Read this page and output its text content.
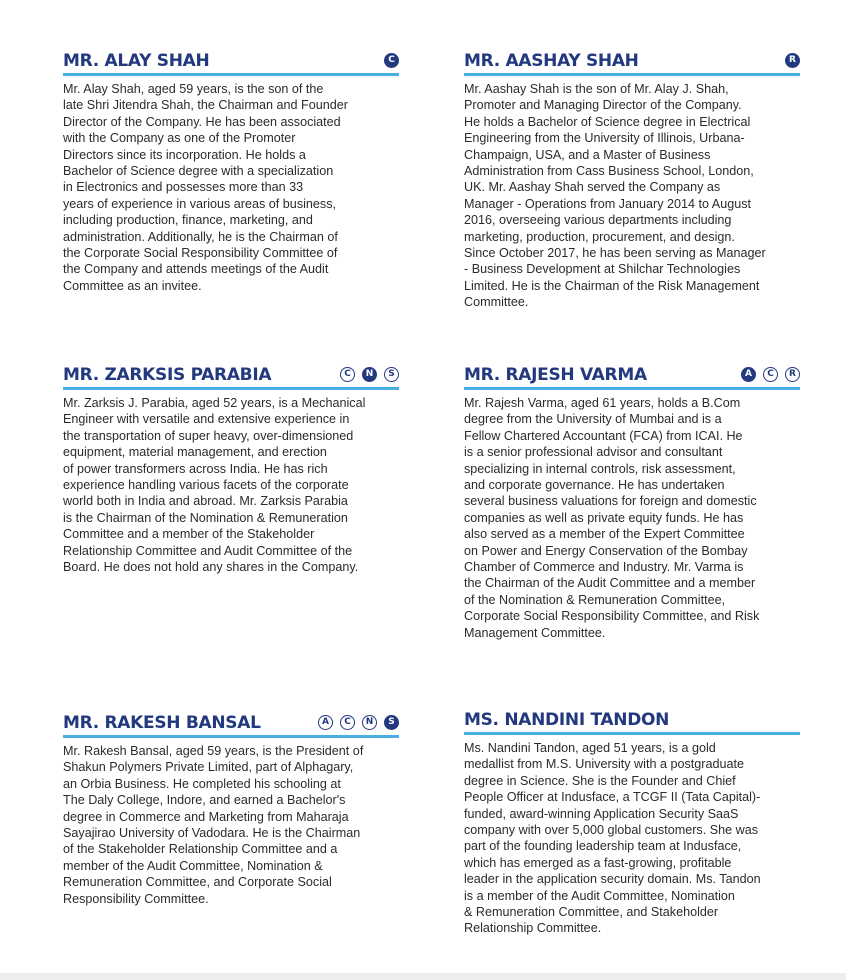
MR. ALAY SHAH	C

Mr. Alay Shah, aged 59 years, is the son of the
late Shri Jitendra Shah, the Chairman and Founder
Director of the Company. He has been associated
with the Company as one of the Promoter
Directors since its incorporation. He holds a
Bachelor of Science degree with a specialization
in Electronics and possesses more than 33
years of experience in various areas of business,
including production, finance, marketing, and
administration. Additionally, he is the Chairman of
the Corporate Social Responsibility Committee of
the Company and attends meetings of the Audit
Committee as an invitee.

MR. AASHAY SHAH	R

Mr. Aashay Shah is the son of Mr. Alay J. Shah,
Promoter and Managing Director of the Company.
He holds a Bachelor of Science degree in Electrical
Engineering from the University of Illinois, Urbana-
Champaign, USA, and a Master of Business
Administration from Cass Business School, London,
UK. Mr. Aashay Shah served the Company as
Manager - Operations from January 2014 to August
2016, overseeing various departments including
marketing, production, procurement, and design.
Since October 2017, he has been serving as Manager
- Business Development at Shilchar Technologies
Limited. He is the Chairman of the Risk Management
Committee.

MR. ZARKSIS PARABIA	C	N	S

Mr. Zarksis J. Parabia, aged 52 years, is a Mechanical
Engineer with versatile and extensive experience in
the transportation of super heavy, over-dimensioned
equipment, material management, and erection
of power transformers across India. He has rich
experience handling various facets of the corporate
world both in India and abroad. Mr. Zarksis Parabia
is the Chairman of the Nomination & Remuneration
Committee and a member of the Stakeholder
Relationship Committee and Audit Committee of the
Board. He does not hold any shares in the Company.

MR. RAJESH VARMA	A	C	R

Mr. Rajesh Varma, aged 61 years, holds a B.Com
degree from the University of Mumbai and is a
Fellow Chartered Accountant (FCA) from ICAI. He
is a senior professional advisor and consultant
specializing in internal controls, risk assessment,
and corporate governance. He has undertaken
several business valuations for foreign and domestic
companies as well as private equity funds. He has
also served as a member of the Expert Committee
on Power and Energy Conservation of the Bombay
Chamber of Commerce and Industry. Mr. Varma is
the Chairman of the Audit Committee and a member
of the Nomination & Remuneration Committee,
Corporate Social Responsibility Committee, and Risk
Management Committee.

MR. RAKESH BANSAL	A	C	N	S

Mr. Rakesh Bansal, aged 59 years, is the President of
Shakun Polymers Private Limited, part of Alphagary,
an Orbia Business. He completed his schooling at
The Daly College, Indore, and earned a Bachelor's
degree in Commerce and Marketing from Maharaja
Sayajirao University of Vadodara. He is the Chairman
of the Stakeholder Relationship Committee and a
member of the Audit Committee, Nomination &
Remuneration Committee, and Corporate Social
Responsibility Committee.

MS. NANDINI TANDON

Ms. Nandini Tandon, aged 51 years, is a gold
medallist from M.S. University with a postgraduate
degree in Science. She is the Founder and Chief
People Officer at Indusface, a TCGF II (Tata Capital)-
funded, award-winning Application Security SaaS
company with over 5,000 global customers. She was
part of the founding leadership team at Indusface,
which has emerged as a fast-growing, profitable
leader in the application security domain. Ms. Tandon
is a member of the Audit Committee, Nomination
& Remuneration Committee, and Stakeholder
Relationship Committee.
